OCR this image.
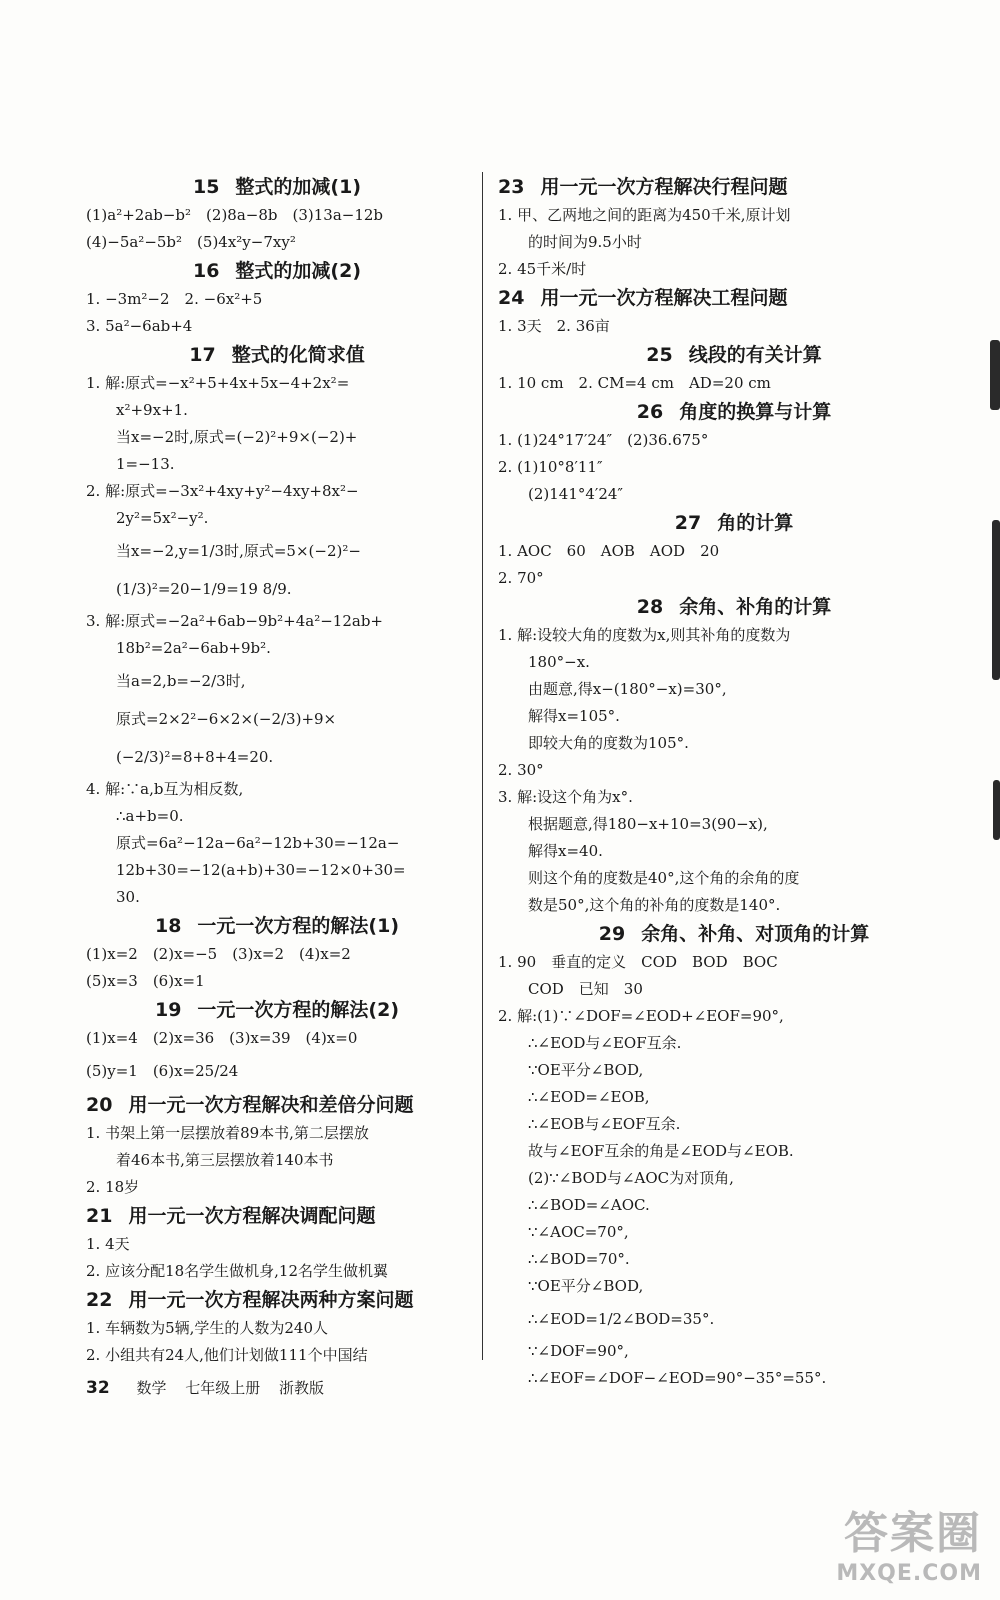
15 整式的加减(1)
(1)a²+2ab−b²　(2)8a−8b　(3)13a−12b
(4)−5a²−5b²　(5)4x²y−7xy²
16 整式的加减(2)
1. −3m²−2　2. −6x²+5
3. 5a²−6ab+4
17 整式的化简求值
1. 解:原式=−x²+5+4x+5x−4+2x²=
x²+9x+1.
当x=−2时,原式=(−2)²+9×(−2)+
1=−13.
2. 解:原式=−3x²+4xy+y²−4xy+8x²−
2y²=5x²−y².
当x=−2,y=1/3时,原式=5×(−2)²−
(1/3)²=20−1/9=19 8/9.
3. 解:原式=−2a²+6ab−9b²+4a²−12ab+
18b²=2a²−6ab+9b².
当a=2,b=−2/3时,
原式=2×2²−6×2×(−2/3)+9×
(−2/3)²=8+8+4=20.
4. 解:∵a,b互为相反数,
∴a+b=0.
原式=6a²−12a−6a²−12b+30=−12a−
12b+30=−12(a+b)+30=−12×0+30=
30.
18 一元一次方程的解法(1)
(1)x=2　(2)x=−5　(3)x=2　(4)x=2
(5)x=3　(6)x=1
19 一元一次方程的解法(2)
(1)x=4　(2)x=36　(3)x=39　(4)x=0
(5)y=1　(6)x=25/24
20 用一元一次方程解决和差倍分问题
1. 书架上第一层摆放着89本书,第二层摆放
着46本书,第三层摆放着140本书
2. 18岁
21 用一元一次方程解决调配问题
1. 4天
2. 应该分配18名学生做机身,12名学生做机翼
22 用一元一次方程解决两种方案问题
1. 车辆数为5辆,学生的人数为240人
2. 小组共有24人,他们计划做111个中国结
23 用一元一次方程解决行程问题
1. 甲、乙两地之间的距离为450千米,原计划
的时间为9.5小时
2. 45千米/时
24 用一元一次方程解决工程问题
1. 3天　2. 36亩
25 线段的有关计算
1. 10 cm　2. CM=4 cm　AD=20 cm
26 角度的换算与计算
1. (1)24°17′24″　(2)36.675°
2. (1)10°8′11″
(2)141°4′24″
27 角的计算
1. AOC　60　AOB　AOD　20
2. 70°
28 余角、补角的计算
1. 解:设较大角的度数为x,则其补角的度数为
180°−x.
由题意,得x−(180°−x)=30°,
解得x=105°.
即较大角的度数为105°.
2. 30°
3. 解:设这个角为x°.
根据题意,得180−x+10=3(90−x),
解得x=40.
则这个角的度数是40°,这个角的余角的度
数是50°,这个角的补角的度数是140°.
29 余角、补角、对顶角的计算
1. 90　垂直的定义　COD　BOD　BOC
COD　已知　30
2. 解:(1)∵∠DOF=∠EOD+∠EOF=90°,
∴∠EOD与∠EOF互余.
∵OE平分∠BOD,
∴∠EOD=∠EOB,
∴∠EOB与∠EOF互余.
故与∠EOF互余的角是∠EOD与∠EOB.
(2)∵∠BOD与∠AOC为对顶角,
∴∠BOD=∠AOC.
∵∠AOC=70°,
∴∠BOD=70°.
∵OE平分∠BOD,
∴∠EOD=1/2∠BOD=35°.
∵∠DOF=90°,
∴∠EOF=∠DOF−∠EOD=90°−35°=55°.
32 数学 七年级上册 浙教版
答案圈
MXQE.COM
